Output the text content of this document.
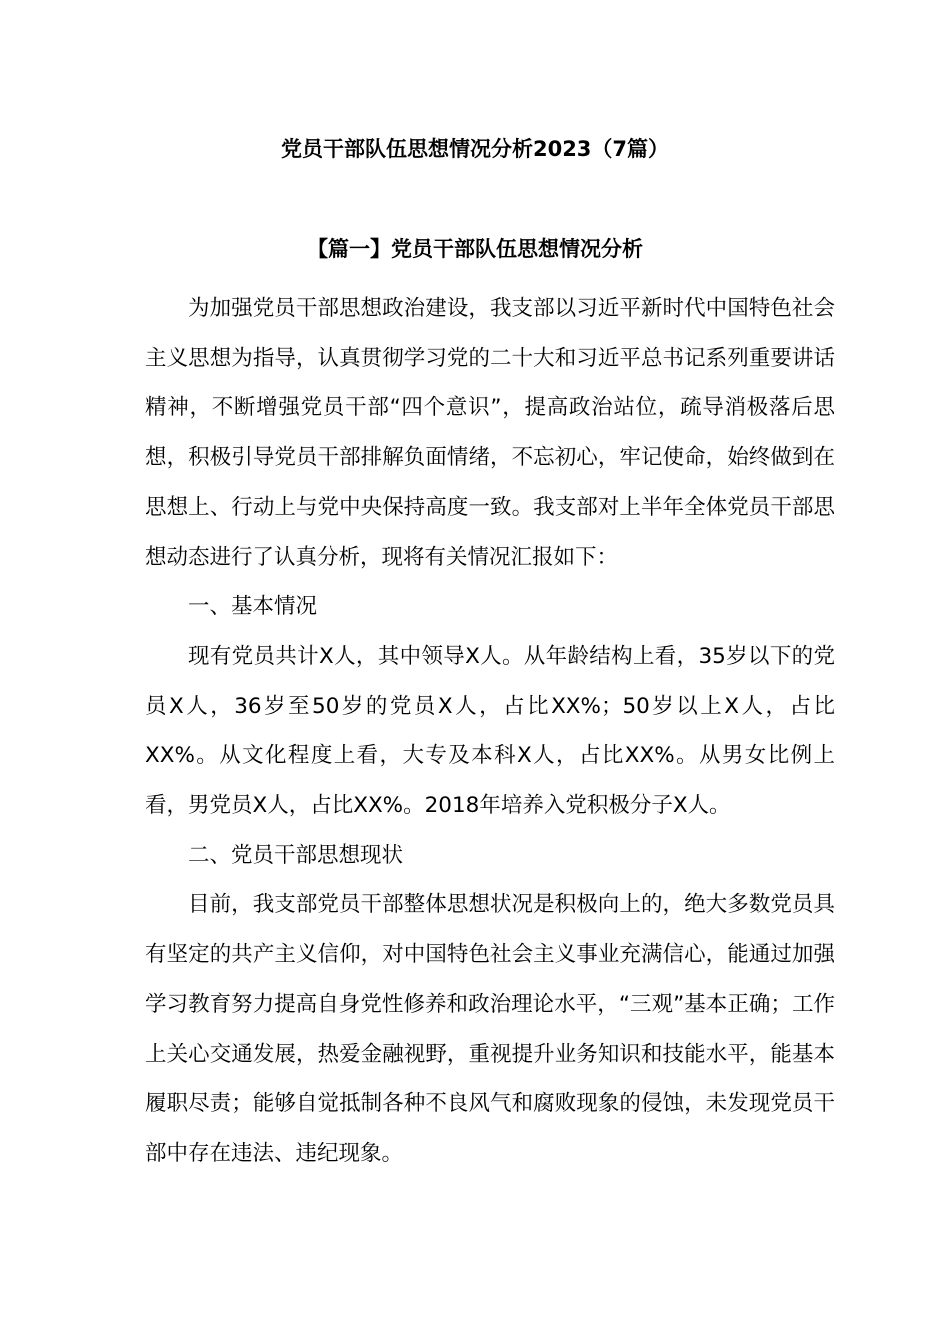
党员干部队伍思想情况分析2023（7篇）
【篇一】党员干部队伍思想情况分析

为加强党员干部思想政治建设，我支部以习近平新时代中国特色社会主义思想为指导，认真贯彻学习党的二十大和习近平总书记系列重要讲话精神，不断增强党员干部“四个意识”，提高政治站位，疏导消极落后思想，积极引导党员干部排解负面情绪，不忘初心，牢记使命，始终做到在思想上、行动上与党中央保持高度一致。我支部对上半年全体党员干部思想动态进行了认真分析，现将有关情况汇报如下：

一、基本情况

现有党员共计X人，其中领导X人。从年龄结构上看，35岁以下的党员X人，36岁至50岁的党员X人，占比XX%；50岁以上X人，占比XX%。从文化程度上看，大专及本科X人，占比XX%。从男女比例上看，男党员X人，占比XX%。2018年培养入党积极分子X人。

二、党员干部思想现状

目前，我支部党员干部整体思想状况是积极向上的，绝大多数党员具有坚定的共产主义信仰，对中国特色社会主义事业充满信心，能通过加强学习教育努力提高自身党性修养和政治理论水平，“三观”基本正确；工作上关心交通发展，热爱金融视野，重视提升业务知识和技能水平，能基本履职尽责；能够自觉抵制各种不良风气和腐败现象的侵蚀，未发现党员干部中存在违法、违纪现象。
